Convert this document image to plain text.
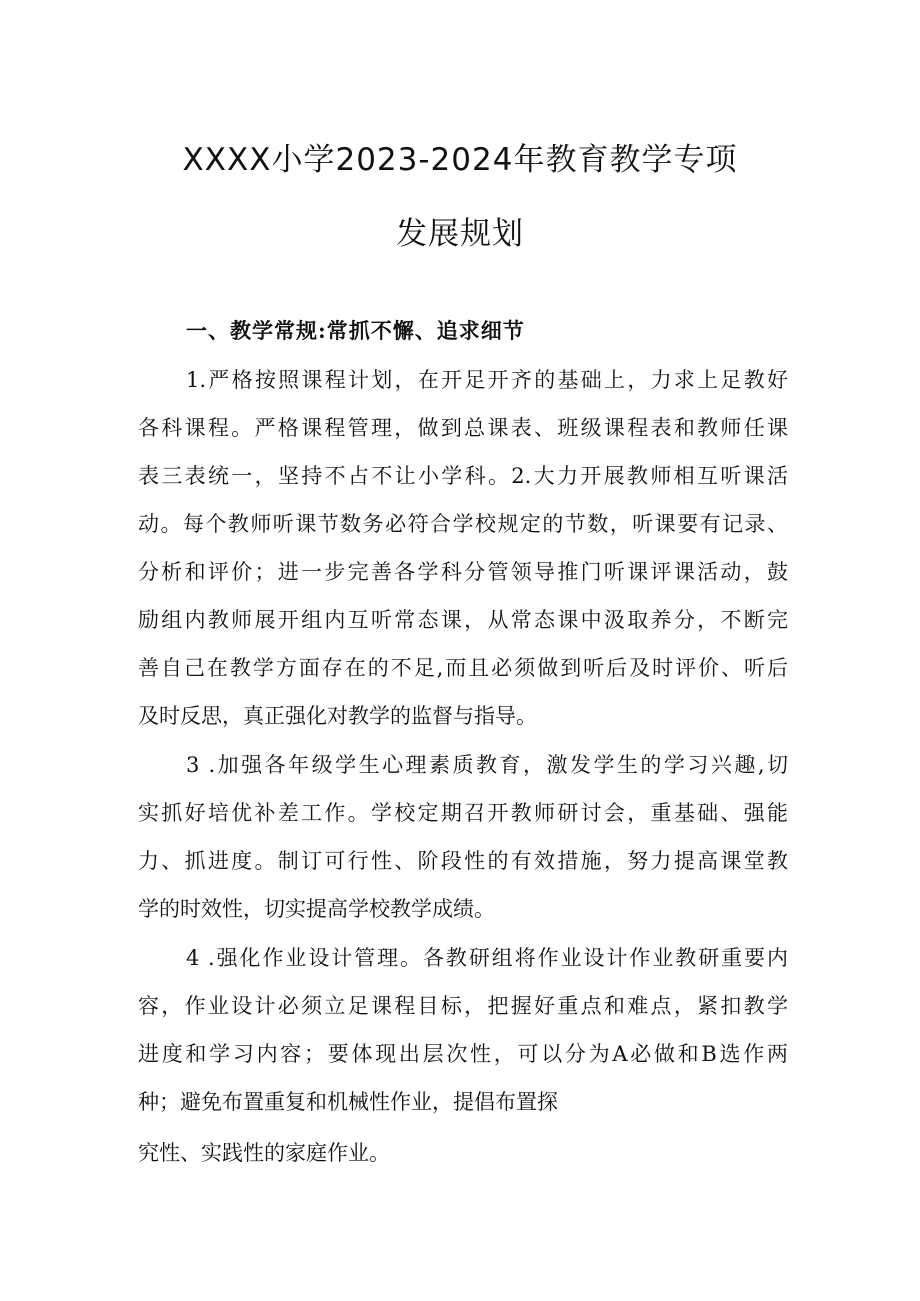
XXXX小学2023-2024年教育教学专项
发展规划
一、教学常规:常抓不懈、追求细节
1.严格按照课程计划，在开足开齐的基础上，力求上足教好
各科课程。严格课程管理，做到总课表、班级课程表和教师任课
表三表统一，坚持不占不让小学科。2.大力开展教师相互听课活
动。每个教师听课节数务必符合学校规定的节数，听课要有记录、
分析和评价；进一步完善各学科分管领导推门听课评课活动，鼓
励组内教师展开组内互听常态课，从常态课中汲取养分，不断完
善自己在教学方面存在的不足,而且必须做到听后及时评价、听后
及时反思，真正强化对教学的监督与指导。
3 .加强各年级学生心理素质教育，激发学生的学习兴趣,切
实抓好培优补差工作。学校定期召开教师研讨会，重基础、强能
力、抓进度。制订可行性、阶段性的有效措施，努力提高课堂教
学的时效性，切实提高学校教学成绩。
4 .强化作业设计管理。各教研组将作业设计作业教研重要内
容，作业设计必须立足课程目标，把握好重点和难点，紧扣教学
进度和学习内容；要体现出层次性，可以分为A必做和B选作两
种；避免布置重复和机械性作业，提倡布置探
究性、实践性的家庭作业。
